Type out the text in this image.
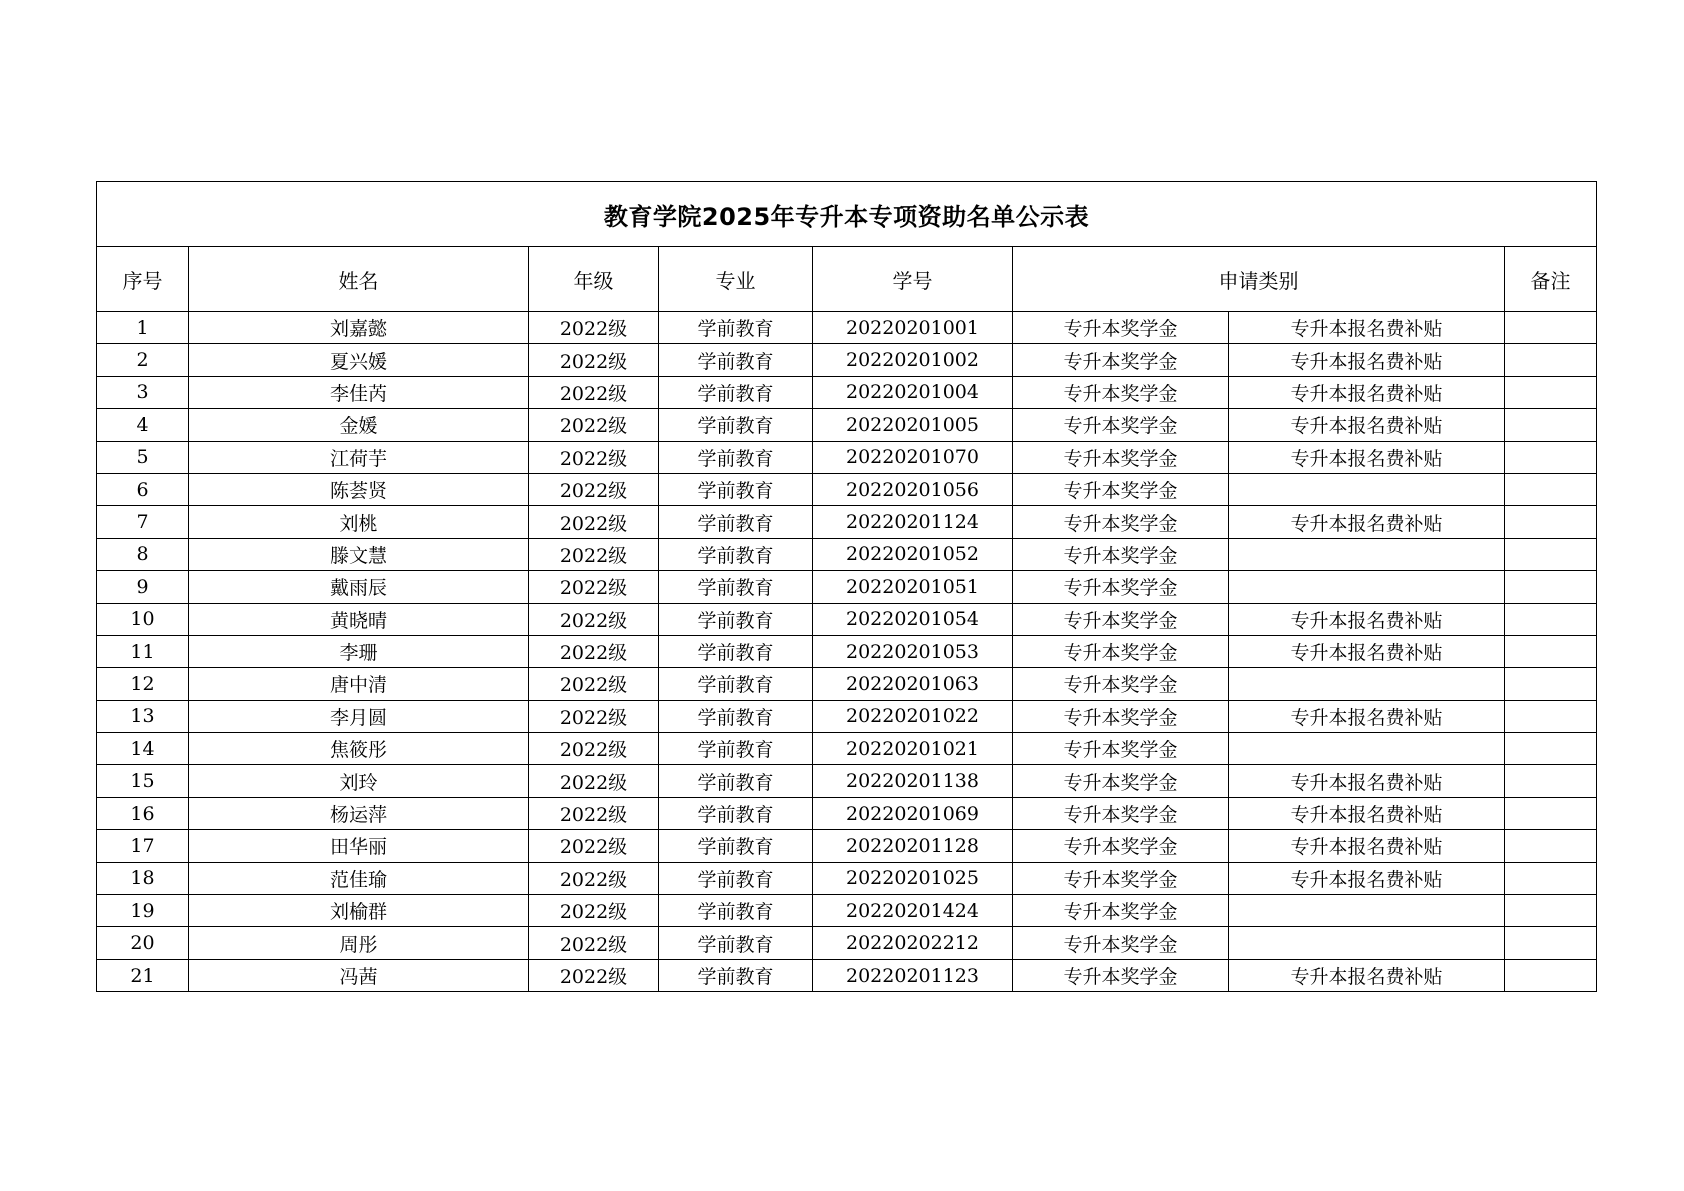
教育学院2025年专升本专项资助名单公示表							
序号	姓名	年级	专业	学号	申请类别		备注
1	刘嘉懿	2022级	学前教育	20220201001	专升本奖学金	专升本报名费补贴	
2	夏兴媛	2022级	学前教育	20220201002	专升本奖学金	专升本报名费补贴	
3	李佳芮	2022级	学前教育	20220201004	专升本奖学金	专升本报名费补贴	
4	金媛	2022级	学前教育	20220201005	专升本奖学金	专升本报名费补贴	
5	江荷芋	2022级	学前教育	20220201070	专升本奖学金	专升本报名费补贴	
6	陈荟贤	2022级	学前教育	20220201056	专升本奖学金		
7	刘桃	2022级	学前教育	20220201124	专升本奖学金	专升本报名费补贴	
8	滕文慧	2022级	学前教育	20220201052	专升本奖学金		
9	戴雨辰	2022级	学前教育	20220201051	专升本奖学金		
10	黄晓晴	2022级	学前教育	20220201054	专升本奖学金	专升本报名费补贴	
11	李珊	2022级	学前教育	20220201053	专升本奖学金	专升本报名费补贴	
12	唐中清	2022级	学前教育	20220201063	专升本奖学金		
13	李月圆	2022级	学前教育	20220201022	专升本奖学金	专升本报名费补贴	
14	焦筱彤	2022级	学前教育	20220201021	专升本奖学金		
15	刘玲	2022级	学前教育	20220201138	专升本奖学金	专升本报名费补贴	
16	杨运萍	2022级	学前教育	20220201069	专升本奖学金	专升本报名费补贴	
17	田华丽	2022级	学前教育	20220201128	专升本奖学金	专升本报名费补贴	
18	范佳瑜	2022级	学前教育	20220201025	专升本奖学金	专升本报名费补贴	
19	刘榆群	2022级	学前教育	20220201424	专升本奖学金		
20	周彤	2022级	学前教育	20220202212	专升本奖学金		
21	冯茜	2022级	学前教育	20220201123	专升本奖学金	专升本报名费补贴	
